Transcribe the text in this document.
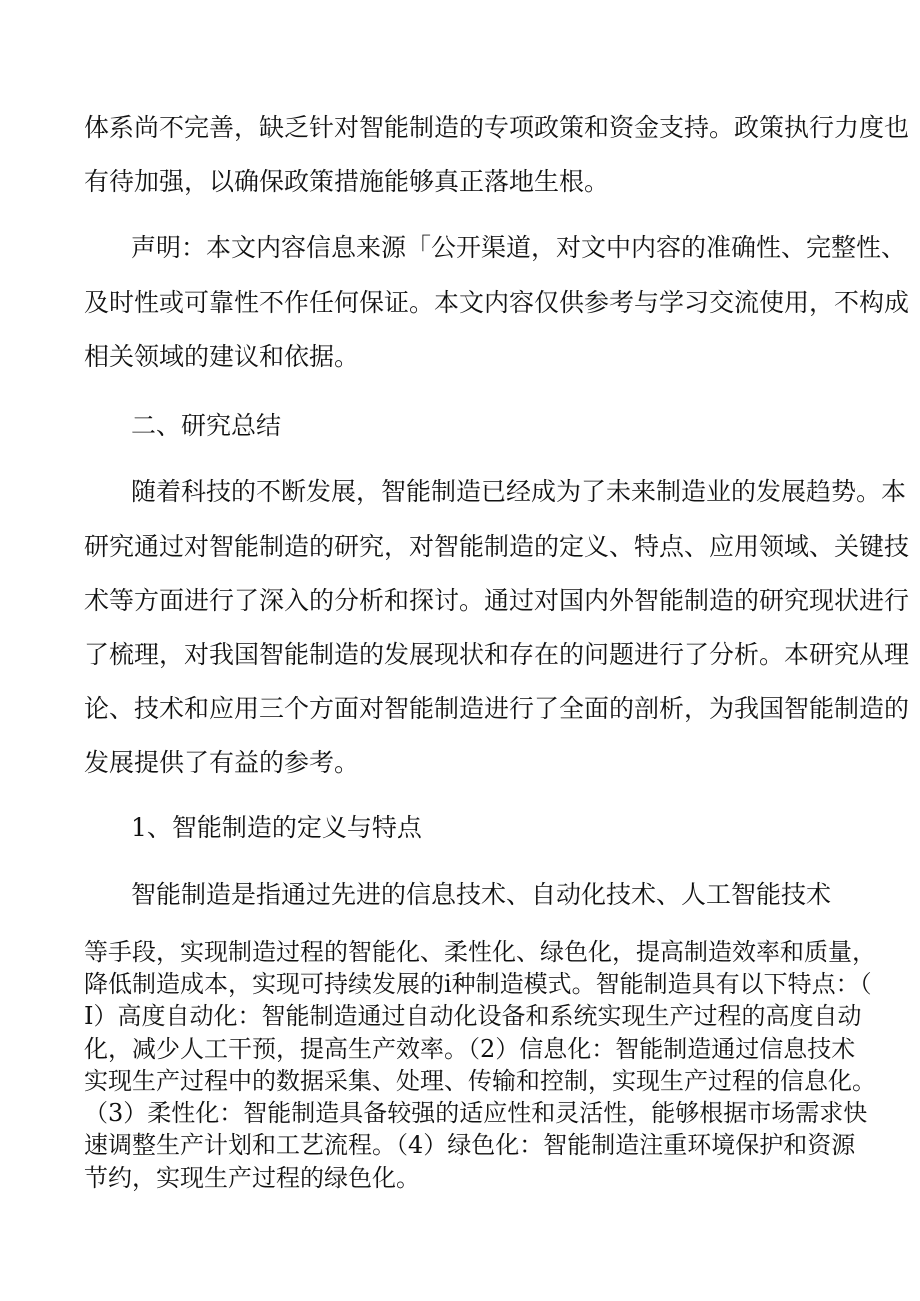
体系尚不完善，缺乏针对智能制造的专项政策和资金支持。政策执行力度也
有待加强，以确保政策措施能够真正落地生根。
声明：本文内容信息来源「公开渠道，对文中内容的准确性、完整性、
及时性或可靠性不作任何保证。本文内容仅供参考与学习交流使用，不构成
相关领域的建议和依据。
二、研究总结
随着科技的不断发展，智能制造已经成为了未来制造业的发展趋势。本
研究通过对智能制造的研究，对智能制造的定义、特点、应用领域、关键技
术等方面进行了深入的分析和探讨。通过对国内外智能制造的研究现状进行
了梳理，对我国智能制造的发展现状和存在的问题进行了分析。本研究从理
论、技术和应用三个方面对智能制造进行了全面的剖析，为我国智能制造的
发展提供了有益的参考。
1、智能制造的定义与特点
智能制造是指通过先进的信息技术、自动化技术、人工智能技术
等手段，实现制造过程的智能化、柔性化、绿色化，提高制造效率和质量，
降低制造成本，实现可持续发展的i种制造模式。智能制造具有以下特点：（
I）高度自动化：智能制造通过自动化设备和系统实现生产过程的高度自动
化，减少人工干预，提高生产效率。（2）信息化：智能制造通过信息技术
实现生产过程中的数据采集、处理、传输和控制，实现生产过程的信息化。
（3）柔性化：智能制造具备较强的适应性和灵活性，能够根据市场需求快
速调整生产计划和工艺流程。（4）绿色化：智能制造注重环境保护和资源
节约，实现生产过程的绿色化。
